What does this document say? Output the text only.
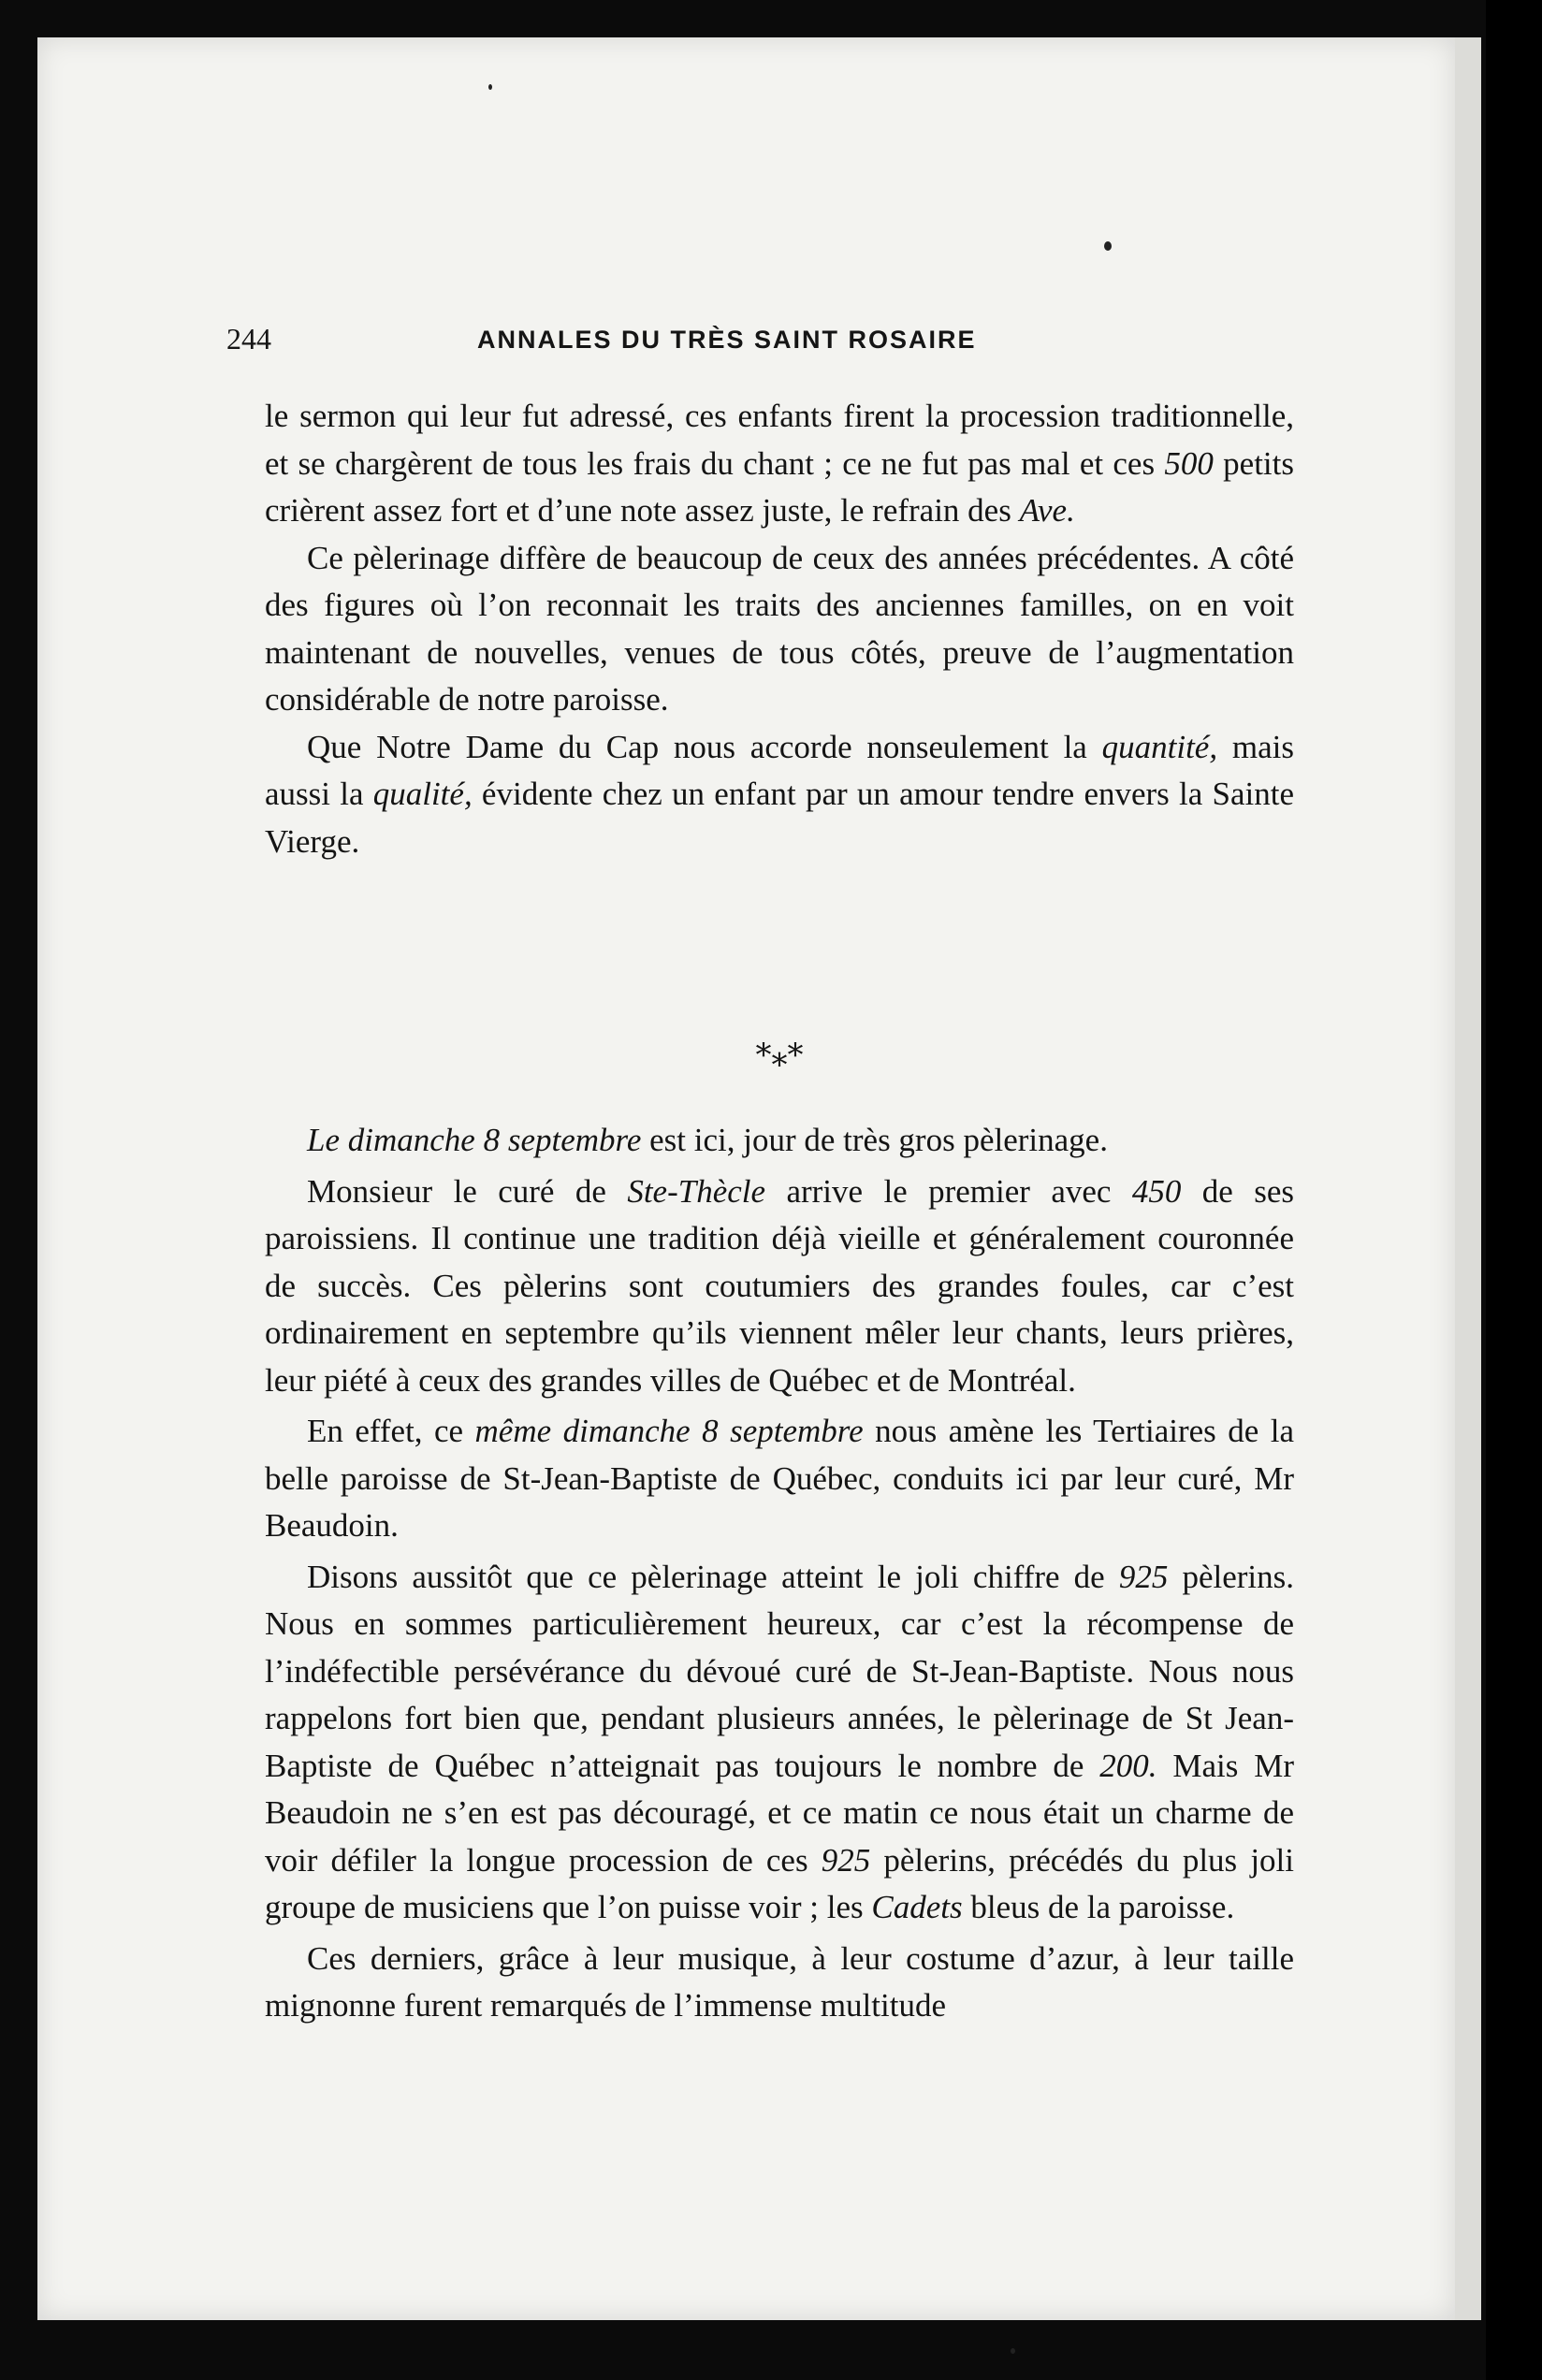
244	ANNALES DU TRÈS SAINT ROSAIRE

le sermon qui leur fut adressé, ces enfants firent la procession traditionnelle, et se chargèrent de tous les frais du chant ; ce ne fut pas mal et ces 500 petits crièrent assez fort et d’une note assez juste, le refrain des Ave.

Ce pèlerinage diffère de beaucoup de ceux des années précédentes. A côté des figures où l’on reconnait les traits des anciennes familles, on en voit maintenant de nouvelles, venues de tous côtés, preuve de l’augmentation considérable de notre paroisse.

Que Notre Dame du Cap nous accorde nonseulement la quantité, mais aussi la qualité, évidente chez un enfant par un amour tendre envers la Sainte Vierge.

*⁎*

Le dimanche 8 septembre est ici, jour de très gros pèlerinage.

Monsieur le curé de Ste-Thècle arrive le premier avec 450 de ses paroissiens. Il continue une tradition déjà vieille et généralement couronnée de succès. Ces pèlerins sont coutumiers des grandes foules, car c’est ordinairement en septembre qu’ils viennent mêler leur chants, leurs prières, leur piété à ceux des grandes villes de Québec et de Montréal.

En effet, ce même dimanche 8 septembre nous amène les Tertiaires de la belle paroisse de St-Jean-Baptiste de Québec, conduits ici par leur curé, Mr Beaudoin.

Disons aussitôt que ce pèlerinage atteint le joli chiffre de 925 pèlerins. Nous en sommes particulièrement heureux, car c’est la récompense de l’indéfectible persévérance du dévoué curé de St-Jean-Baptiste. Nous nous rappelons fort bien que, pendant plusieurs années, le pèlerinage de St Jean-Baptiste de Québec n’atteignait pas toujours le nombre de 200. Mais Mr Beaudoin ne s’en est pas découragé, et ce matin ce nous était un charme de voir défiler la longue procession de ces 925 pèlerins, précédés du plus joli groupe de musiciens que l’on puisse voir ; les Cadets bleus de la paroisse.

Ces derniers, grâce à leur musique, à leur costume d’azur, à leur taille mignonne furent remarqués de l’immense multitude
